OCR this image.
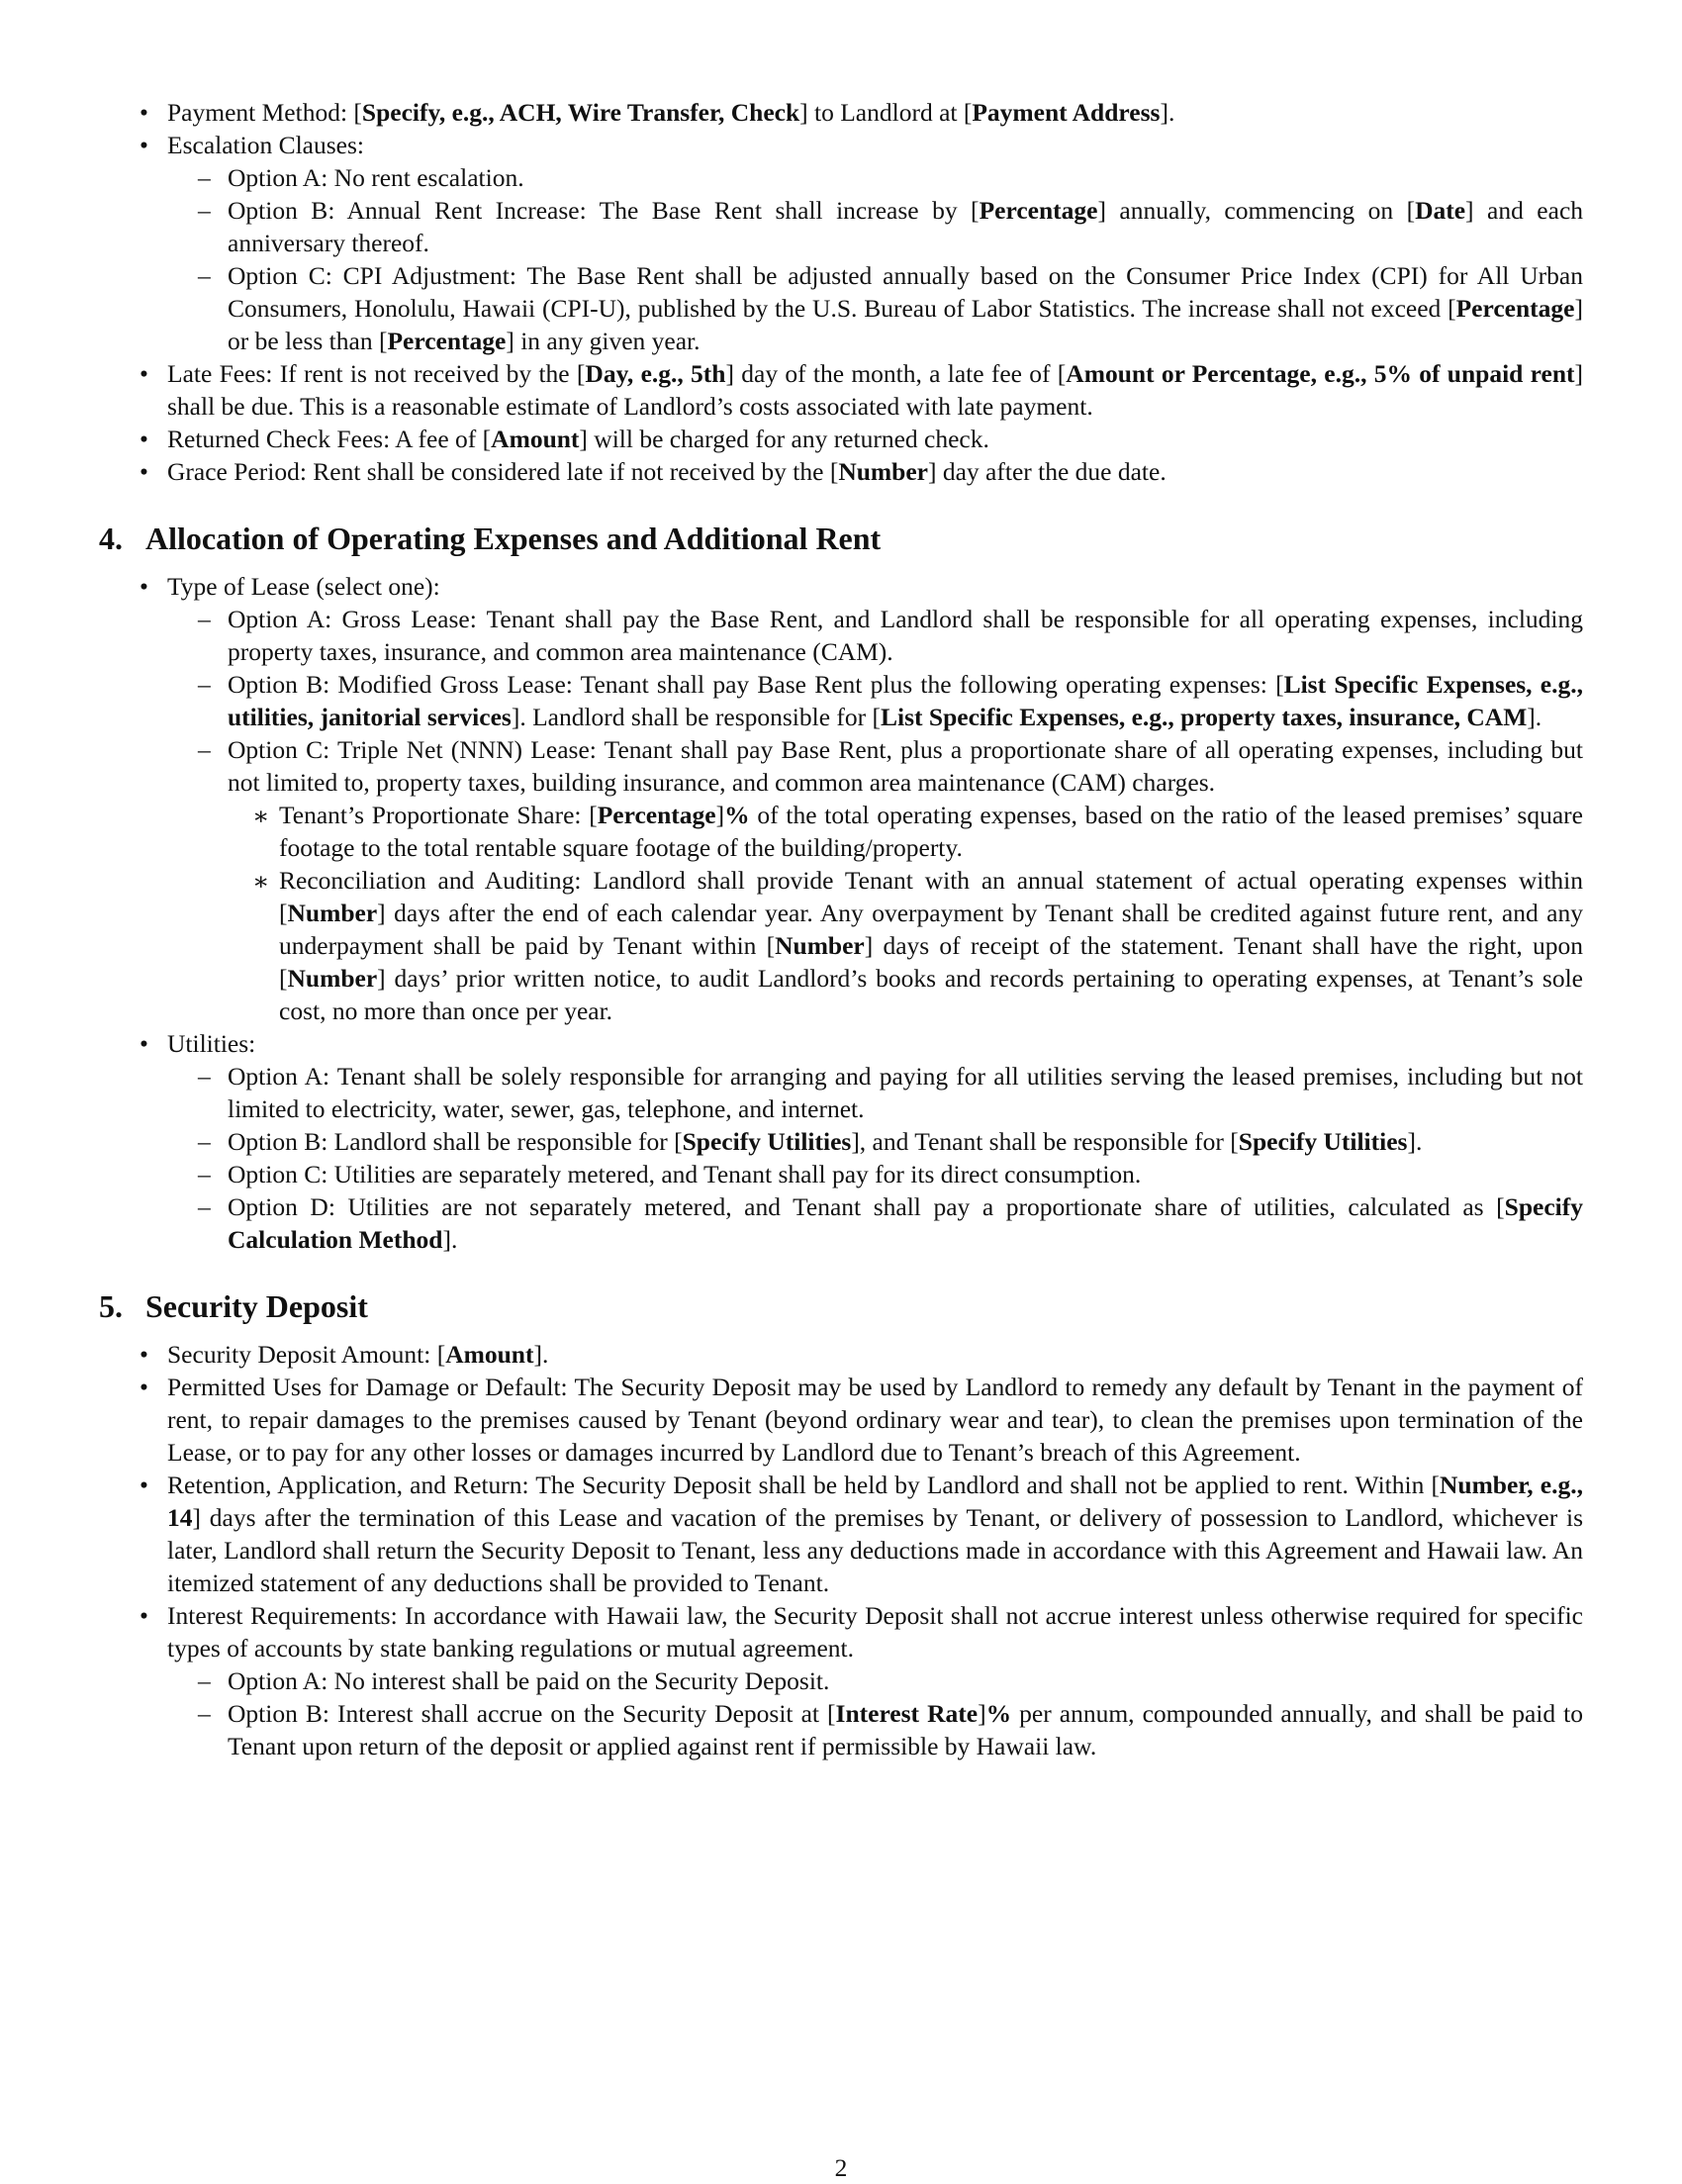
• Payment Method: [Specify, e.g., ACH, Wire Transfer, Check] to Landlord at [Payment Address].
• Escalation Clauses:
– Option A: No rent escalation.
– Option B: Annual Rent Increase: The Base Rent shall increase by [Percentage] annually, commencing on [Date] and each anniversary thereof.
– Option C: CPI Adjustment: The Base Rent shall be adjusted annually based on the Consumer Price Index (CPI) for All Urban Consumers, Honolulu, Hawaii (CPI-U), published by the U.S. Bureau of Labor Statistics. The increase shall not exceed [Percentage] or be less than [Percentage] in any given year.
• Late Fees: If rent is not received by the [Day, e.g., 5th] day of the month, a late fee of [Amount or Percentage, e.g., 5% of unpaid rent] shall be due. This is a reasonable estimate of Landlord’s costs associated with late payment.
• Returned Check Fees: A fee of [Amount] will be charged for any returned check.
• Grace Period: Rent shall be considered late if not received by the [Number] day after the due date.
4. Allocation of Operating Expenses and Additional Rent
• Type of Lease (select one):
– Option A: Gross Lease: Tenant shall pay the Base Rent, and Landlord shall be responsible for all operating expenses, including property taxes, insurance, and common area maintenance (CAM).
– Option B: Modified Gross Lease: Tenant shall pay Base Rent plus the following operating expenses: [List Specific Expenses, e.g., utilities, janitorial services]. Landlord shall be responsible for [List Specific Expenses, e.g., property taxes, insurance, CAM].
– Option C: Triple Net (NNN) Lease: Tenant shall pay Base Rent, plus a proportionate share of all operating expenses, including but not limited to, property taxes, building insurance, and common area maintenance (CAM) charges.
∗ Tenant’s Proportionate Share: [Percentage]% of the total operating expenses, based on the ratio of the leased premises’ square footage to the total rentable square footage of the building/property.
∗ Reconciliation and Auditing: Landlord shall provide Tenant with an annual statement of actual operating expenses within [Number] days after the end of each calendar year. Any overpayment by Tenant shall be credited against future rent, and any underpayment shall be paid by Tenant within [Number] days of receipt of the statement. Tenant shall have the right, upon [Number] days’ prior written notice, to audit Landlord’s books and records pertaining to operating expenses, at Tenant’s sole cost, no more than once per year.
• Utilities:
– Option A: Tenant shall be solely responsible for arranging and paying for all utilities serving the leased premises, including but not limited to electricity, water, sewer, gas, telephone, and internet.
– Option B: Landlord shall be responsible for [Specify Utilities], and Tenant shall be responsible for [Specify Utilities].
– Option C: Utilities are separately metered, and Tenant shall pay for its direct consumption.
– Option D: Utilities are not separately metered, and Tenant shall pay a proportionate share of utilities, calculated as [Specify Calculation Method].
5. Security Deposit
• Security Deposit Amount: [Amount].
• Permitted Uses for Damage or Default: The Security Deposit may be used by Landlord to remedy any default by Tenant in the payment of rent, to repair damages to the premises caused by Tenant (beyond ordinary wear and tear), to clean the premises upon termination of the Lease, or to pay for any other losses or damages incurred by Landlord due to Tenant’s breach of this Agreement.
• Retention, Application, and Return: The Security Deposit shall be held by Landlord and shall not be applied to rent. Within [Number, e.g., 14] days after the termination of this Lease and vacation of the premises by Tenant, or delivery of possession to Landlord, whichever is later, Landlord shall return the Security Deposit to Tenant, less any deductions made in accordance with this Agreement and Hawaii law. An itemized statement of any deductions shall be provided to Tenant.
• Interest Requirements: In accordance with Hawaii law, the Security Deposit shall not accrue interest unless otherwise required for specific types of accounts by state banking regulations or mutual agreement.
– Option A: No interest shall be paid on the Security Deposit.
– Option B: Interest shall accrue on the Security Deposit at [Interest Rate]% per annum, compounded annually, and shall be paid to Tenant upon return of the deposit or applied against rent if permissible by Hawaii law.
2
